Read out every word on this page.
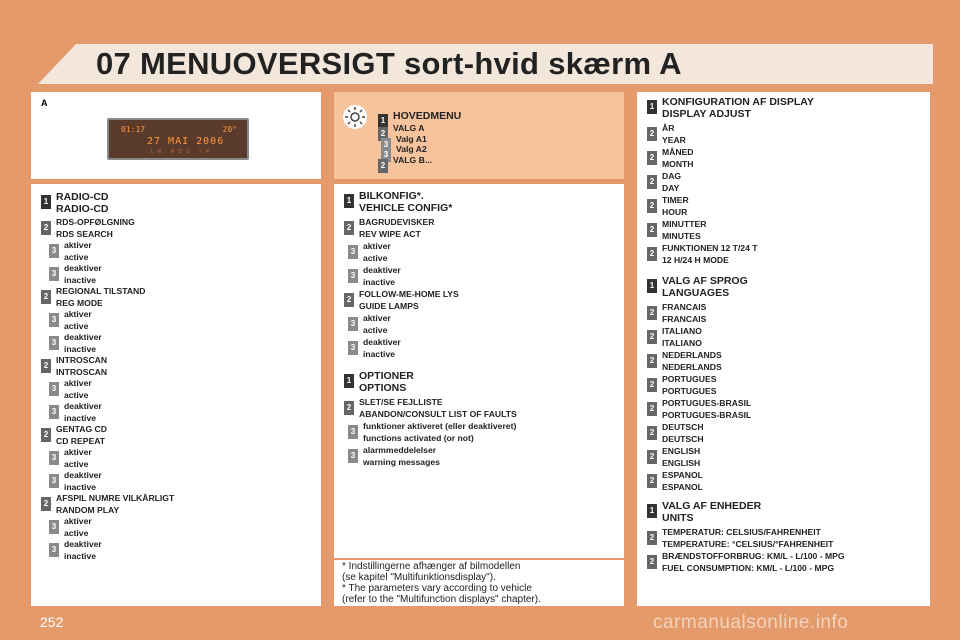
07 MENUOVERSIGT sort-hvid skærm A
A
01:17	20°
27 MAI 2006
LR RDS TP
1 RADIO-CD
RADIO-CD
2
RDS-OPFØLGNING
RDS SEARCH
3
aktiver
active
3
deaktiver
inactive
2
REGIONAL TILSTAND
REG MODE
3
aktiver
active
3
deaktiver
inactive
2
INTROSCAN
INTROSCAN
3
aktiver
active
3
deaktiver
inactive
2
GENTAG CD
CD REPEAT
3
aktiver
active
3
deaktiver
inactive
2
AFSPIL NUMRE VILKÅRLIGT
RANDOM PLAY
3
aktiver
active
3
deaktiver
inactive
1 HOVEDMENU
2
VALG A
3
Valg A1
3
Valg A2
2
VALG B...
1 BILKONFIG*.
VEHICLE CONFIG*
2
BAGRUDEVISKER
REV WIPE ACT
3
aktiver
active
3
deaktiver
inactive
2
FOLLOW-ME-HOME LYS
GUIDE LAMPS
3
aktiver
active
3
deaktiver
inactive
1 OPTIONER
OPTIONS
2
SLET/SE FEJLLISTE
ABANDON/CONSULT LIST OF FAULTS
3
funktioner aktiveret (eller deaktiveret)
functions activated (or not)
3
alarmmeddelelser
warning messages
1 KONFIGURATION AF DISPLAY
DISPLAY ADJUST
2
ÅR
YEAR
2
MÅNED
MONTH
2
DAG
DAY
2
TIMER
HOUR
2
MINUTTER
MINUTES
2
FUNKTIONEN 12 T/24 T
12 H/24 H MODE
1 VALG AF SPROG
LANGUAGES
2
FRANCAIS
FRANCAIS
2
ITALIANO
ITALIANO
2
NEDERLANDS
NEDERLANDS
2
PORTUGUES
PORTUGUES
2
PORTUGUES-BRASIL
PORTUGUES-BRASIL
2
DEUTSCH
DEUTSCH
2
ENGLISH
ENGLISH
2
ESPANOL
ESPANOL
1 VALG AF ENHEDER
UNITS
2
TEMPERATUR: CELSIUS/FAHRENHEIT
TEMPERATURE: °CELSIUS/°FAHRENHEIT
2
BRÆNDSTOFFORBRUG: KM/L - L/100 - MPG
FUEL CONSUMPTION: KM/L - L/100 - MPG
* Indstillingerne afhænger af bilmodellen
(se kapitel "Multifunktionsdisplay").
* The parameters vary according to vehicle
(refer to the "Multifunction displays" chapter).
252	carmanualsonline.info
